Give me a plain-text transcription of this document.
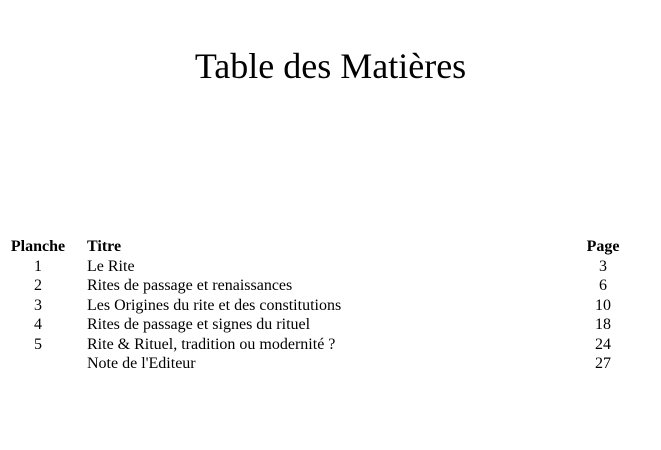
Table des Matières
Planche	Titre	Page
1	Le Rite	3
2	Rites de passage et renaissances	6
3	Les Origines du rite et des constitutions	10
4	Rites de passage et signes du rituel	18
5	Rite & Rituel, tradition ou modernité ?	24
	Note de l'Editeur	27
